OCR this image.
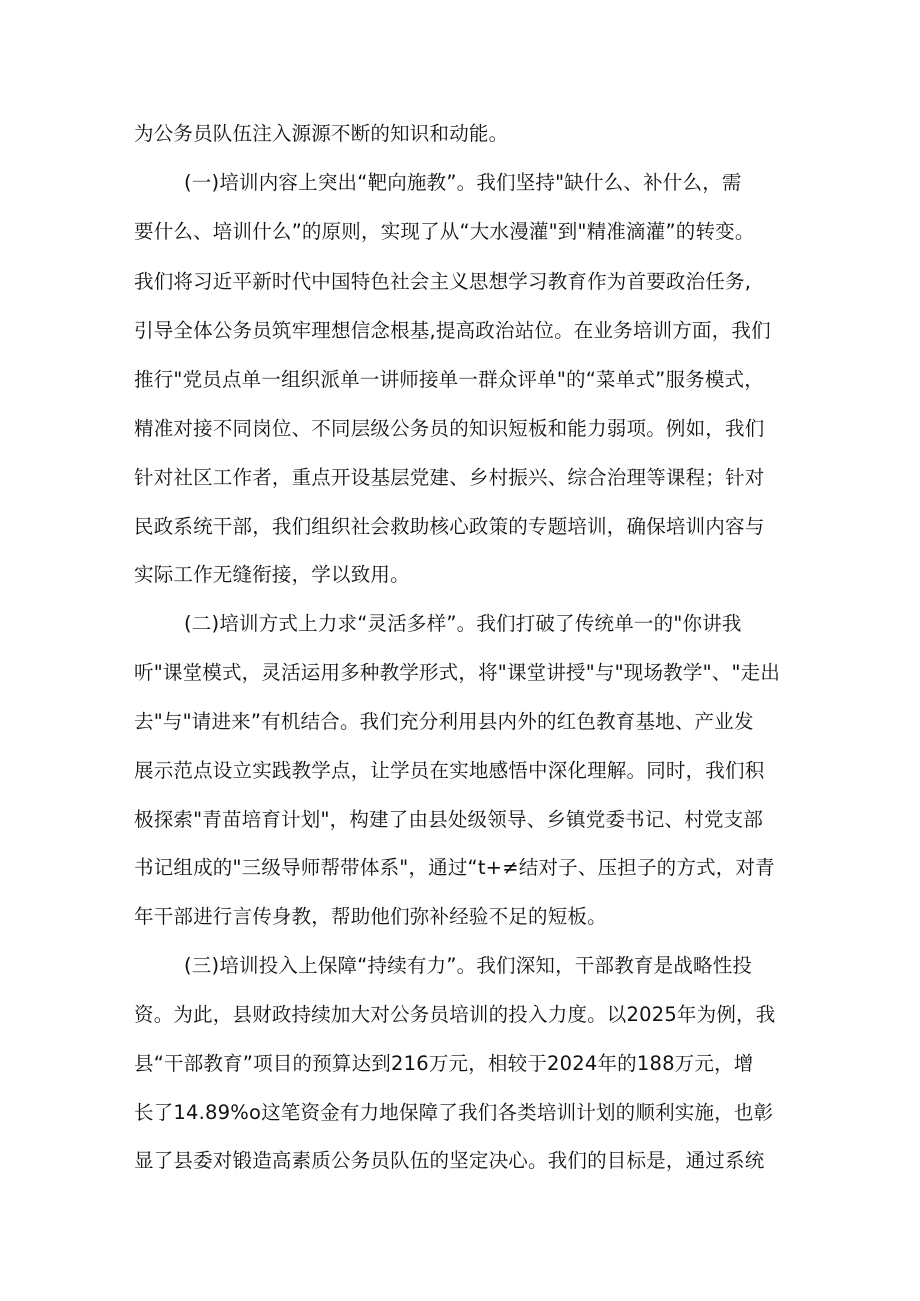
为公务员队伍注入源源不断的知识和动能。
(一)培训内容上突出“靶向施教”。我们坚持"缺什么、补什么，需
要什么、培训什么”的原则，实现了从“大水漫灌"到"精准滴灌”的转变。
我们将习近平新时代中国特色社会主义思想学习教育作为首要政治任务,
引导全体公务员筑牢理想信念根基,提高政治站位。在业务培训方面，我们
推行"党员点单一组织派单一讲师接单一群众评单"的“菜单式”服务模式，
精准对接不同岗位、不同层级公务员的知识短板和能力弱项。例如，我们
针对社区工作者，重点开设基层党建、乡村振兴、综合治理等课程；针对
民政系统干部，我们组织社会救助核心政策的专题培训，确保培训内容与
实际工作无缝衔接，学以致用。
(二)培训方式上力求“灵活多样”。我们打破了传统单一的"你讲我
听"课堂模式，灵活运用多种教学形式，将"课堂讲授"与"现场教学"、"走出
去"与"请进来”有机结合。我们充分利用县内外的红色教育基地、产业发
展示范点设立实践教学点，让学员在实地感悟中深化理解。同时，我们积
极探索"青苗培育计划"，构建了由县处级领导、乡镇党委书记、村党支部
书记组成的"三级导师帮带体系"，通过“t+≠结对子、压担子的方式，对青
年干部进行言传身教，帮助他们弥补经验不足的短板。
(三)培训投入上保障“持续有力”。我们深知，干部教育是战略性投
资。为此，县财政持续加大对公务员培训的投入力度。以2025年为例，我
县“干部教育”项目的预算达到216万元，相较于2024年的188万元，增
长了14.89%o这笔资金有力地保障了我们各类培训计划的顺利实施，也彰
显了县委对锻造高素质公务员队伍的坚定决心。我们的目标是，通过系统
